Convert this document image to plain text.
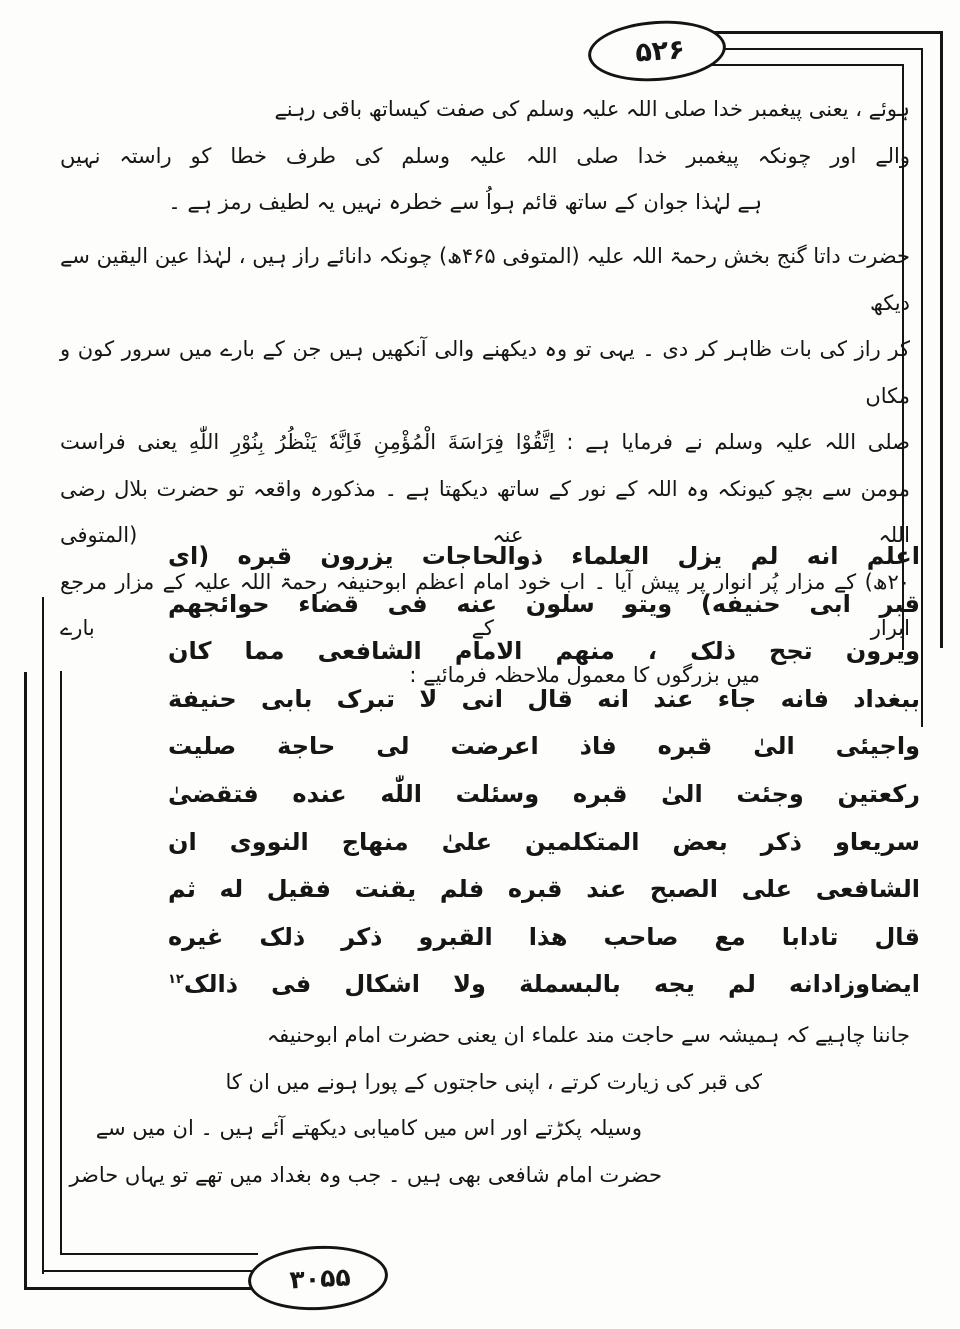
۵۲۶
ہوئے ، یعنی پیغمبر خدا صلی اللہ علیہ وسلم کی صفت کیساتھ باقی رہنے
والے اور چونکہ پیغمبر خدا صلی اللہ علیہ وسلم کی طرف خطا کو راستہ نہیں
ہے لہٰذا جوان کے ساتھ قائم ہواُ سے خطرہ نہیں یہ لطیف رمز ہے ۔
حضرت داتا گنج بخش رحمۃ اللہ علیہ (المتوفی ۴۶۵ھ) چونکہ دانائے راز ہیں ، لہٰذا عین الیقین سے دیکھ
کر راز کی بات ظاہر کر دی ۔ یہی تو وہ دیکھنے والی آنکھیں ہیں جن کے بارے میں سرور کون و مکاں
صلی اللہ علیہ وسلم نے فرمایا ہے : اِتَّقُوْا فِرَاسَةَ الْمُؤْمِنِ فَاِنَّهٗ يَنْظُرُ بِنُوْرِ اللّٰهِ یعنی فراست
مومن سے بچو کیونکہ وہ اللہ کے نور کے ساتھ دیکھتا ہے ۔ مذکورہ واقعہ تو حضرت بلال رضی اللہ عنہ (المتوفی
۲۰ھ) کے مزار پُر انوار پر پیش آیا ۔ اب خود امام اعظم ابوحنیفہ رحمۃ اللہ علیہ کے مزار مرجع ابرار کے بارے
میں بزرگوں کا معمول ملاحظہ فرمائیے :
اعلم انه لم يزل العلماء ذوالحاجات يزرون قبره (ای
قبر ابی حنیفه) ويتو سلون عنه فی قضاء حوائجهم
ويرون تجح ذلک ، منهم الامام الشافعی مما کان
ببغداد فانه جاء عند انه قال انی لا تبرک بابی حنیفة
واجیئی الیٰ قبره فاذ اعرضت لی حاجة صلیت
رکعتین وجئت الیٰ قبره وسئلت اللّٰه عنده فتقضیٰ
سریعاو ذکر بعض المتکلمین علیٰ منهاج النووی ان
الشافعی علی الصبح عند قبره فلم یقنت فقیل له ثم
قال تادابا مع صاحب هذا القبرو ذکر ذلک غیره
ایضاوزادانه لم یجه بالبسملة ولا اشکال فی ذالک$^{۱۲}$
جاننا چاہیے کہ ہمیشہ سے حاجت مند علماء ان یعنی حضرت امام ابوحنیفہ
کی قبر کی زیارت کرتے ، اپنی حاجتوں کے پورا ہونے میں ان کا
وسیلہ پکڑتے اور اس میں کامیابی دیکھتے آئے ہیں ۔ ان میں سے
حضرت امام شافعی بھی ہیں ۔ جب وہ بغداد میں تھے تو یہاں حاضر
۳۰۵۵
